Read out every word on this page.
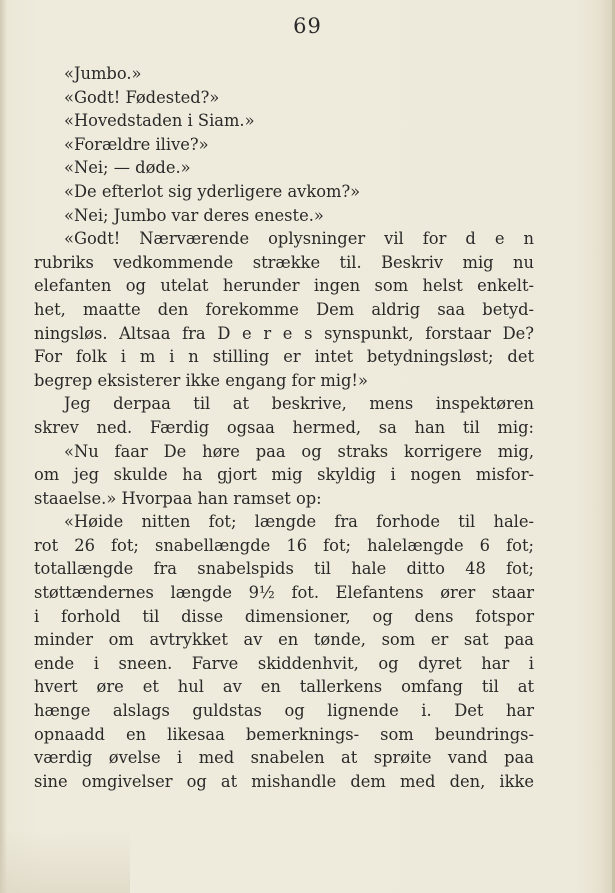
69
«Jumbo.»
«Godt! Fødested?»
«Hovedstaden i Siam.»
«Forældre ilive?»
«Nei; — døde.»
«De efterlot sig yderligere avkom?»
«Nei; Jumbo var deres eneste.»
«Godt! Nærværende oplysninger vil for d e n
rubriks vedkommende strække til. Beskriv mig nu
elefanten og utelat herunder ingen som helst enkelt-
het, maatte den forekomme Dem aldrig saa betyd-
ningsløs. Altsaa fra D e r e s synspunkt, forstaar De?
For folk i m i n stilling er intet betydningsløst; det
begrep eksisterer ikke engang for mig!»
Jeg derpaa til at beskrive, mens inspektøren
skrev ned. Færdig ogsaa hermed, sa han til mig:
«Nu faar De høre paa og straks korrigere mig,
om jeg skulde ha gjort mig skyldig i nogen misfor-
staaelse.» Hvorpaa han ramset op:
«Høide nitten fot; længde fra forhode til hale-
rot 26 fot; snabellængde 16 fot; halelængde 6 fot;
totallængde fra snabelspids til hale ditto 48 fot;
støttændernes længde 9½ fot. Elefantens ører staar
i forhold til disse dimensioner, og dens fotspor
minder om avtrykket av en tønde, som er sat paa
ende i sneen. Farve skiddenhvit, og dyret har i
hvert øre et hul av en tallerkens omfang til at
hænge alslags guldstas og lignende i. Det har
opnaadd en likesaa bemerknings- som beundrings-
værdig øvelse i med snabelen at sprøite vand paa
sine omgivelser og at mishandle dem med den, ikke
